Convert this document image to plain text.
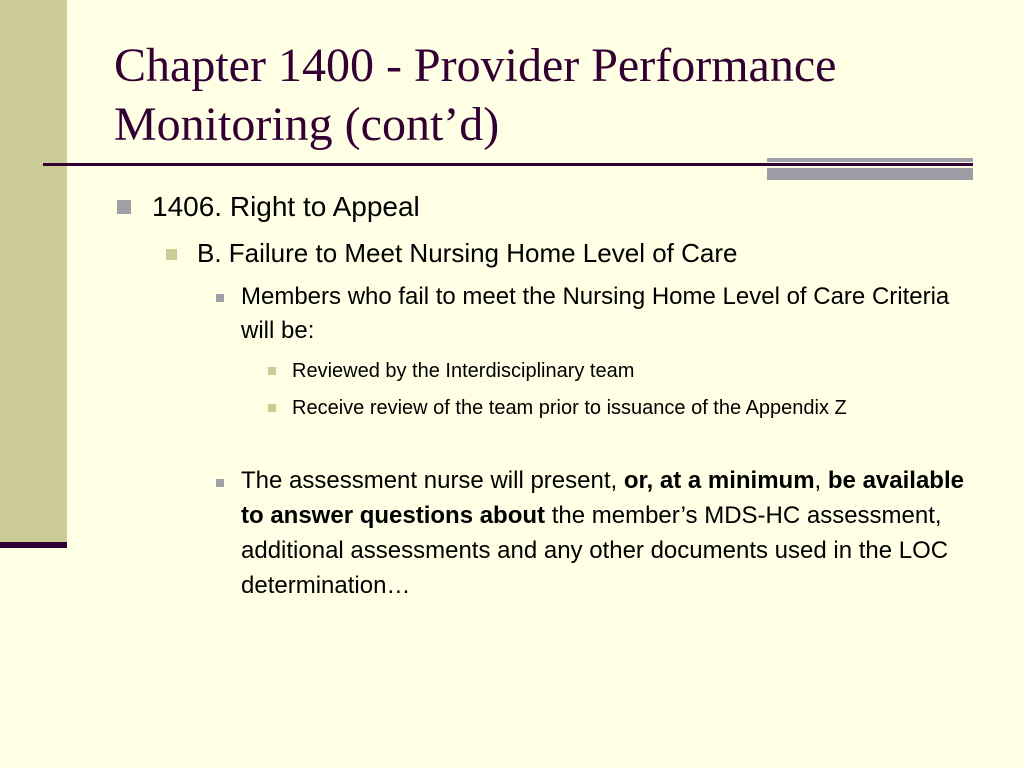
Chapter 1400 - Provider Performance Monitoring (cont’d)

1406. Right to Appeal

B. Failure to Meet Nursing Home Level of Care

Members who fail to meet the Nursing Home Level of Care Criteria will be:

Reviewed by the Interdisciplinary team

Receive review of the team prior to issuance of the Appendix Z

The assessment nurse will present, or, at a minimum, be available to answer questions about the member’s MDS-HC assessment, additional assessments and any other documents used in the LOC determination…
